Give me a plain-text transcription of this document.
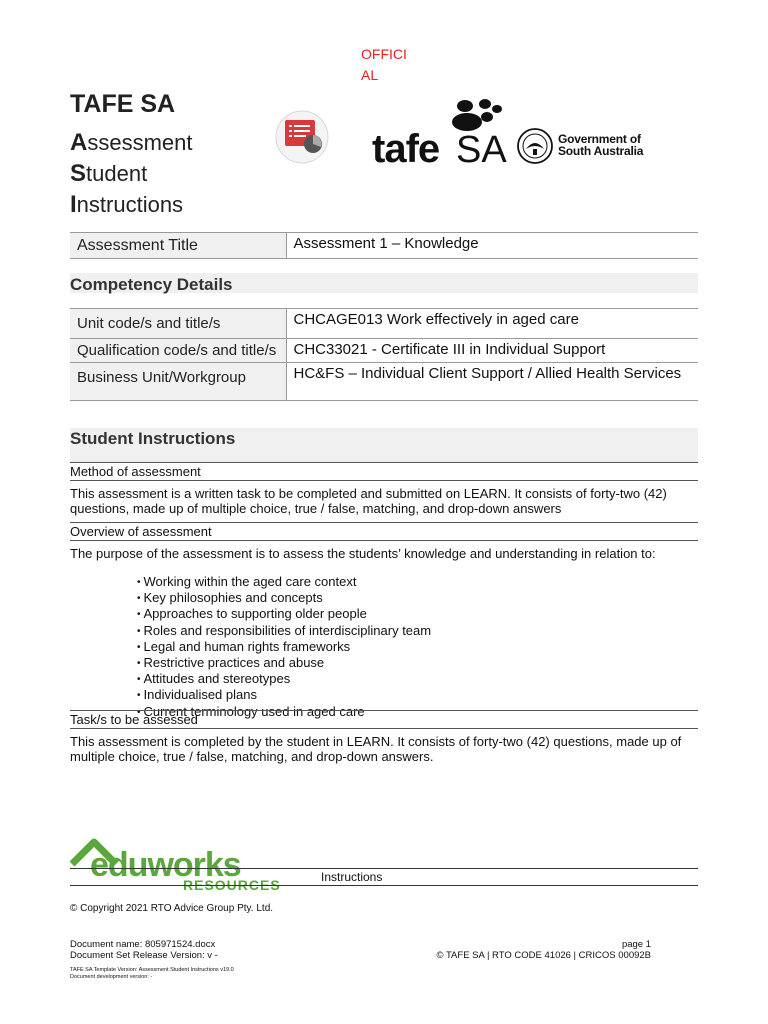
OFFICIAL
TAFE SA
Assessment
Student
Instructions
tafe SA	Government of
South Australia
Assessment Title	Assessment 1 – Knowledge
Competency Details
Unit code/s and title/s	CHCAGE013 Work effectively in aged care
Qualification code/s and title/s	CHC33021 - Certificate III in Individual Support
Business Unit/Workgroup	HC&FS – Individual Client Support / Allied Health Services
Student Instructions
Method of assessment
This assessment is a written task to be completed and submitted on LEARN. It consists of forty-two (42) questions, made up of multiple choice, true / false, matching, and drop-down answers
Overview of assessment
The purpose of the assessment is to assess the students’ knowledge and understanding in relation to:
• Working within the aged care context
• Key philosophies and concepts
• Approaches to supporting older people
• Roles and responsibilities of interdisciplinary team
• Legal and human rights frameworks
• Restrictive practices and abuse
• Attitudes and stereotypes
• Individualised plans
• Current terminology used in aged care
Task/s to be assessed
This assessment is completed by the student in LEARN. It consists of forty-two (42) questions, made up of multiple choice, true / false, matching, and drop-down answers.
eduworks
RESOURCES	Instructions
© Copyright 2021 RTO Advice Group Pty. Ltd.
Document name: 805971524.docx
Document Set Release Version: v -
page 1
© TAFE SA | RTO CODE 41026 | CRICOS 00092B
TAFE SA Template Version: Assessment Student Instructions v19.0
Document development version: -
